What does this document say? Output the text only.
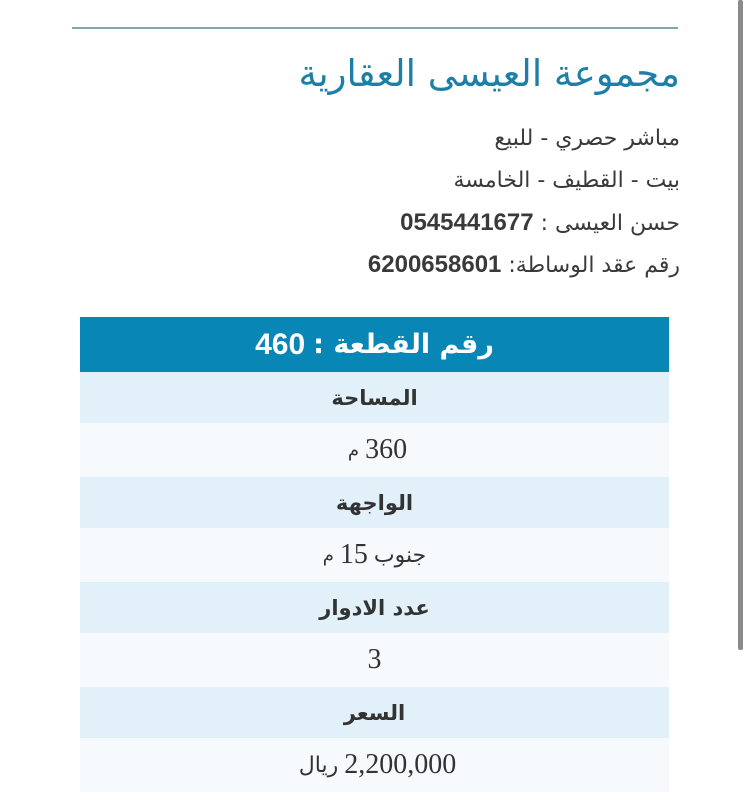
مجموعة العيسى العقارية
مباشر حصري - للبيع
بيت - القطيف - الخامسة
حسن العيسى : 0545441677
رقم عقد الوساطة: 6200658601
رقم القطعة :
460
المساحة
360
م
الواجهة
جنوب
15
م
عدد الادوار
3
السعر
2,200,000
ريال
